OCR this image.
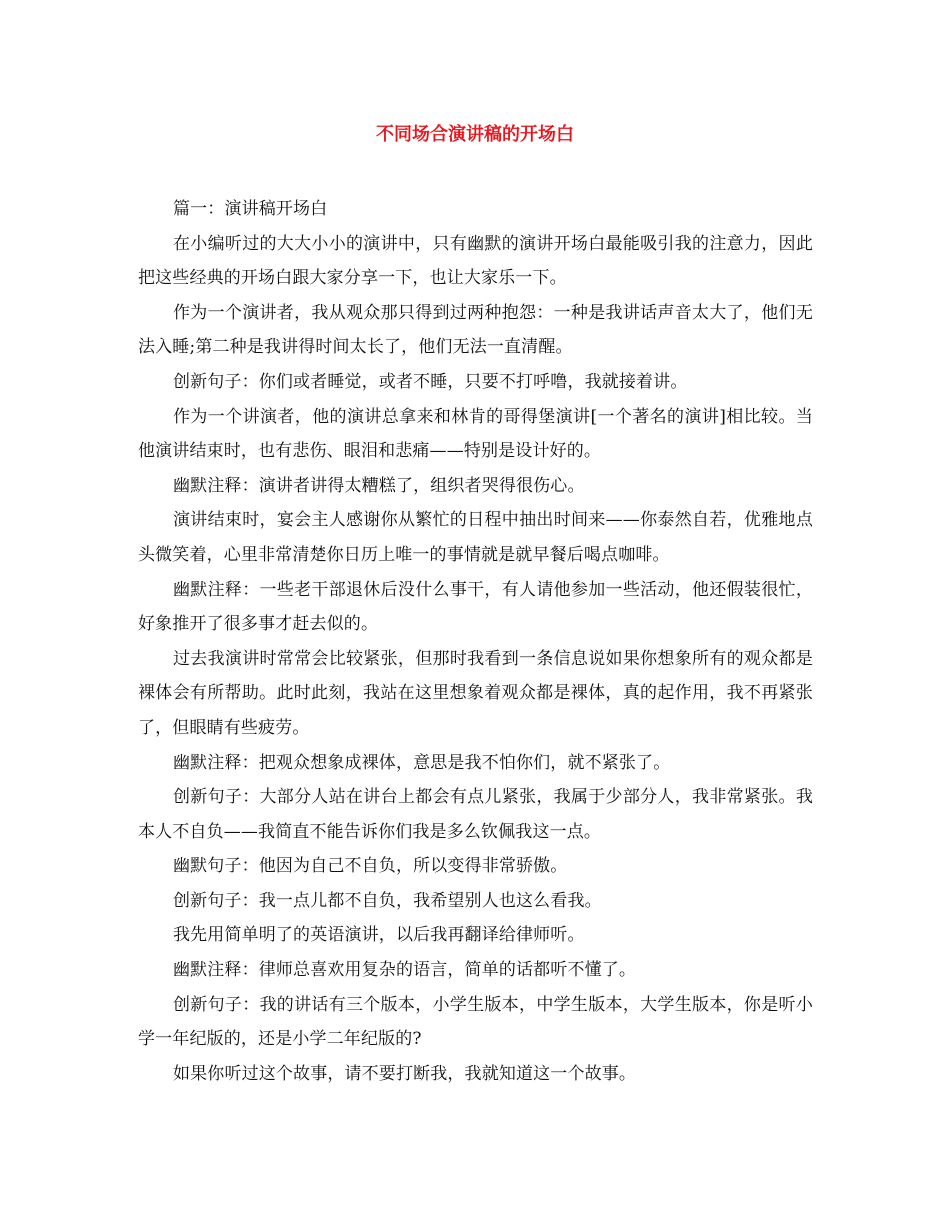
不同场合演讲稿的开场白

篇一：演讲稿开场白

在小编听过的大大小小的演讲中，只有幽默的演讲开场白最能吸引我的注意力，因此把这些经典的开场白跟大家分享一下，也让大家乐一下。

作为一个演讲者，我从观众那只得到过两种抱怨：一种是我讲话声音太大了，他们无法入睡;第二种是我讲得时间太长了，他们无法一直清醒。

创新句子：你们或者睡觉，或者不睡，只要不打呼噜，我就接着讲。

作为一个讲演者，他的演讲总拿来和林肯的哥得堡演讲[一个著名的演讲]相比较。当他演讲结束时，也有悲伤、眼泪和悲痛——特别是设计好的。

幽默注释：演讲者讲得太糟糕了，组织者哭得很伤心。

演讲结束时，宴会主人感谢你从繁忙的日程中抽出时间来——你泰然自若，优雅地点头微笑着，心里非常清楚你日历上唯一的事情就是就早餐后喝点咖啡。

幽默注释：一些老干部退休后没什么事干，有人请他参加一些活动，他还假装很忙，好象推开了很多事才赶去似的。

过去我演讲时常常会比较紧张，但那时我看到一条信息说如果你想象所有的观众都是裸体会有所帮助。此时此刻，我站在这里想象着观众都是裸体，真的起作用，我不再紧张了，但眼睛有些疲劳。

幽默注释：把观众想象成裸体，意思是我不怕你们，就不紧张了。

创新句子：大部分人站在讲台上都会有点儿紧张，我属于少部分人，我非常紧张。我本人不自负——我简直不能告诉你们我是多么钦佩我这一点。

幽默句子：他因为自己不自负，所以变得非常骄傲。

创新句子：我一点儿都不自负，我希望别人也这么看我。

我先用简单明了的英语演讲，以后我再翻译给律师听。

幽默注释：律师总喜欢用复杂的语言，简单的话都听不懂了。

创新句子：我的讲话有三个版本，小学生版本，中学生版本，大学生版本，你是听小学一年纪版的，还是小学二年纪版的?

如果你听过这个故事，请不要打断我，我就知道这一个故事。
